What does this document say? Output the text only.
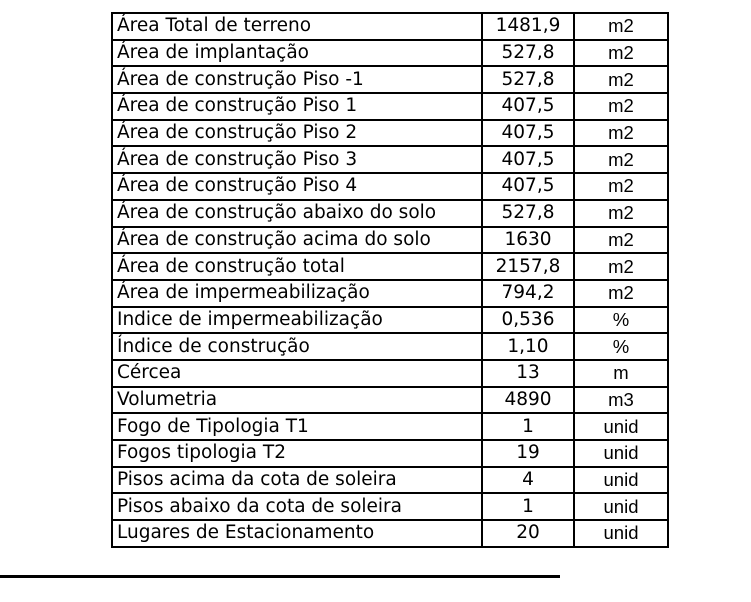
Área Total de terreno	1481,9	m2
Área de implantação	527,8	m2
Área de construção Piso -1	527,8	m2
Área de construção Piso 1	407,5	m2
Área de construção Piso 2	407,5	m2
Área de construção Piso 3	407,5	m2
Área de construção Piso 4	407,5	m2
Área de construção abaixo do solo	527,8	m2
Área de construção acima do solo	1630	m2
Área de construção total	2157,8	m2
Área de impermeabilização	794,2	m2
Indice de impermeabilização	0,536	%
Índice de construção	1,10	%
Cércea	13	m
Volumetria	4890	m3
Fogo de Tipologia T1	1	unid
Fogos tipologia T2	19	unid
Pisos acima da cota de soleira	4	unid
Pisos abaixo da cota de soleira	1	unid
Lugares de Estacionamento	20	unid
